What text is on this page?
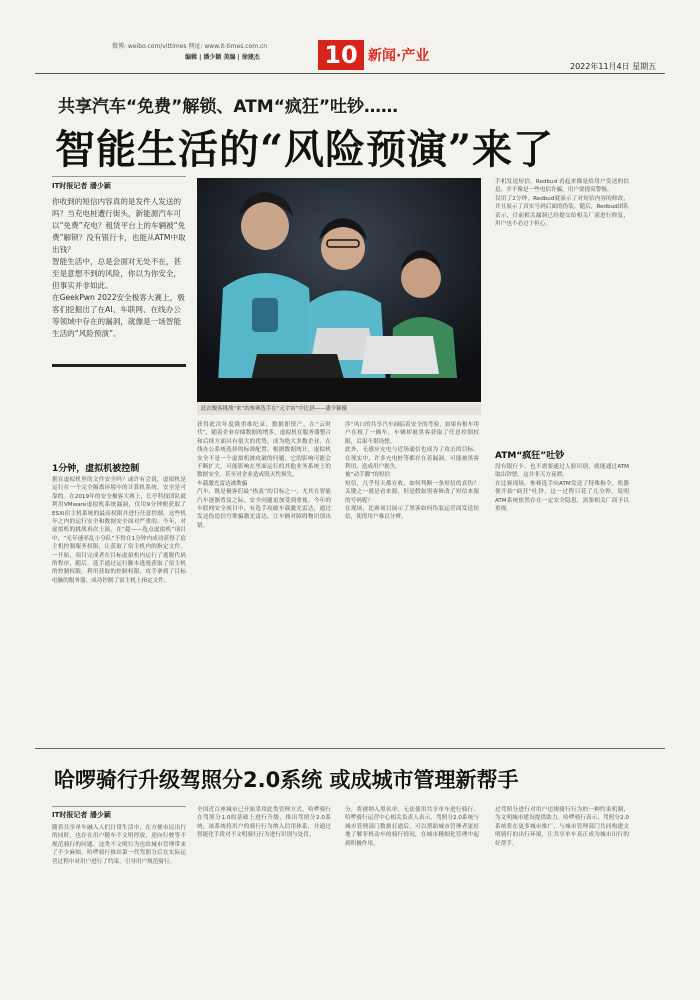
微博: weibo.com/vittimes 网址: www.it-times.com.cn
编辑 | 潘少颖 美编 | 徐建杰	10 新闻·产业
2022年11月4日 星期五
共享汽车“免费”解锁、ATM“疯狂”吐钞……
智能生活的“风险预演”来了
IT时报记者 潘少颖
你收到的短信内容真的是发件人发送的吗？当充电桩遭行街头，新能源汽车可以“免费”充电？租赁平台上的车辆被“免费”解锁？没有银行卡，也能从ATM中取出钱？
智能生活中，总是会面对无处不在，甚至是意想不到的风险，你以为你安全，但事实并非如此。
在GeekPwn 2022安全极客大赛上，极客们挖掘出了在AI、车联网、在线办公等领域中存在的漏洞，就像是一场智能生活的“风险预演”。
此次极客挑战“来”的参赛选手在“元宇宙”中比拼——潘少颖摄
1分钟，虚拟机被控制
据在虚拟机里的文件安全吗？或许有会说，虚拟机是运行在一个完全隔离环境中的计算机系统，安全是可靠的。在2019年的安全极客大赛上，长亭科技团队就利用VMware虚拟机系统漏洞，仅用9分钟便获取了ESXi宿主机系统的最高权限并进行任意控制，这些机年之内的运行安全和数据安全面对严重的。今年，对虚拟机的挑战再次上演。在“超——选点虚拟机”项目中，“光年速率乱小分队”不得在1分钟内成功获得了宿主机控制服务权限，让获取了宿主机内的指定文件。一开始，项目完成者在目标虚拟机内运行了逃脱代码的程序，随后，选手通过运行脚本逃逸获取了宿主机的控制权限，利用获取的控制权限，攻手拿到了目标电脑的服务器、成功控制了宿主机上指定文件。
获得此次年度隆重维纪录。数据即资产，在“云时代”，随着企业存储数据的增多，虚拟机在服务器整合和后续方面具有很大的优势，成为绝大多数企业、在线办公系统选择的标准配置。根据数据统计，虚拟机安全不是一个虚拟机被攻破的问题，它的影响可能会不断扩大，可能影响在里面运行的其他业务系统上的数据安全，甚至对企业造成毁灭性损失。
车载激光雷达被欺骗
汽车，既是极客们最“热衷”的目标之一，尤其在智能汽车逐渐普及之际，安全问题更加受到重视。今年的车联网安全项目中，有选手攻破车载激光雷达，通过发送伪造信号欺骗激光雷达，让车辆对障碍物识别出错。
涉“风口的共享汽车面临着安全的考验，如果有租车用户在租了一辆车，车辆却被黑客获取了任意控制权限，后果不堪设想。
此外，无感应充电与近场通信也成为了攻击的目标。在现实中，许多充电桩等都存在着漏洞，可能被黑客利用，造成用户损失。
被“动手脚”的短信
短信，几乎每天都在收，如何判断一条短信的真伪？关键之一就是看来源。但是假如黑客修改了短信来源的号码呢？
在现场，比赛项目展示了黑客如何伪装运营商发送短信，使得用户难以分辨。
手机发送短信，Redbud 看起来像是给用户发送的信息，并不像是一些电信诈骗，用户要提高警惕。
仅用了2分钟，Redbud就演示了对短信内容的修改，并且展示了真实号码后面的伪装。随后，Redbud团队表示，目前相关漏洞已经提交给相关厂商进行修复，用户也不必过于担心。
ATM“疯狂”吐钞
没有银行卡、也不需要通过人脸识别，就能通过ATM取出钞票。这并非天方夜谭。
在比赛现场，参赛选手向ATM发送了特殊指令，机器便开始“疯狂”吐钞。这一过程只花了几分钟，说明ATM系统依然存在一定安全隐患，需要相关厂商予以重视。
哈啰骑行升级驾照分2.0系统 或成城市管理新帮手
IT时报记者 潘少颖
随着共享单车融入人们日常生活中，在方便市民出行的同时，也存在用户随车不文明停放、逆向行驶等不规范骑行的问题，这类不文明行为也给城市管理带来了不少麻烦。哈啰骑行推出第一代驾照分后在实际运营过程中对用户进行了约束，引导用户规范骑行。
全国近百座城市已开始采用此类管理方式。哈啰骑行在驾照分1.0的基础上进行升级，推出驾照分2.0系统，该系统将用户的骑行行为纳入信用体系，并通过智能化手段对不文明骑行行为进行识别与处罚。
分，将被纳入黑名单，无法使用共享单车进行骑行。哈啰骑行运营中心相关负责人表示，驾照分2.0系统与城市管理部门数据打通后，可以帮助城市管理者更好地了解非机动车的骑行情况，在城市精细化管理中起到积极作用。
过驾照分进行对用户违规骑行行为的一种约束机制，为文明城市建设提供助力。哈啰骑行表示，驾照分2.0系统将在更多城市推广，与城市管理部门共同构建文明骑行的出行环境，让共享单车真正成为城市出行的好帮手。
